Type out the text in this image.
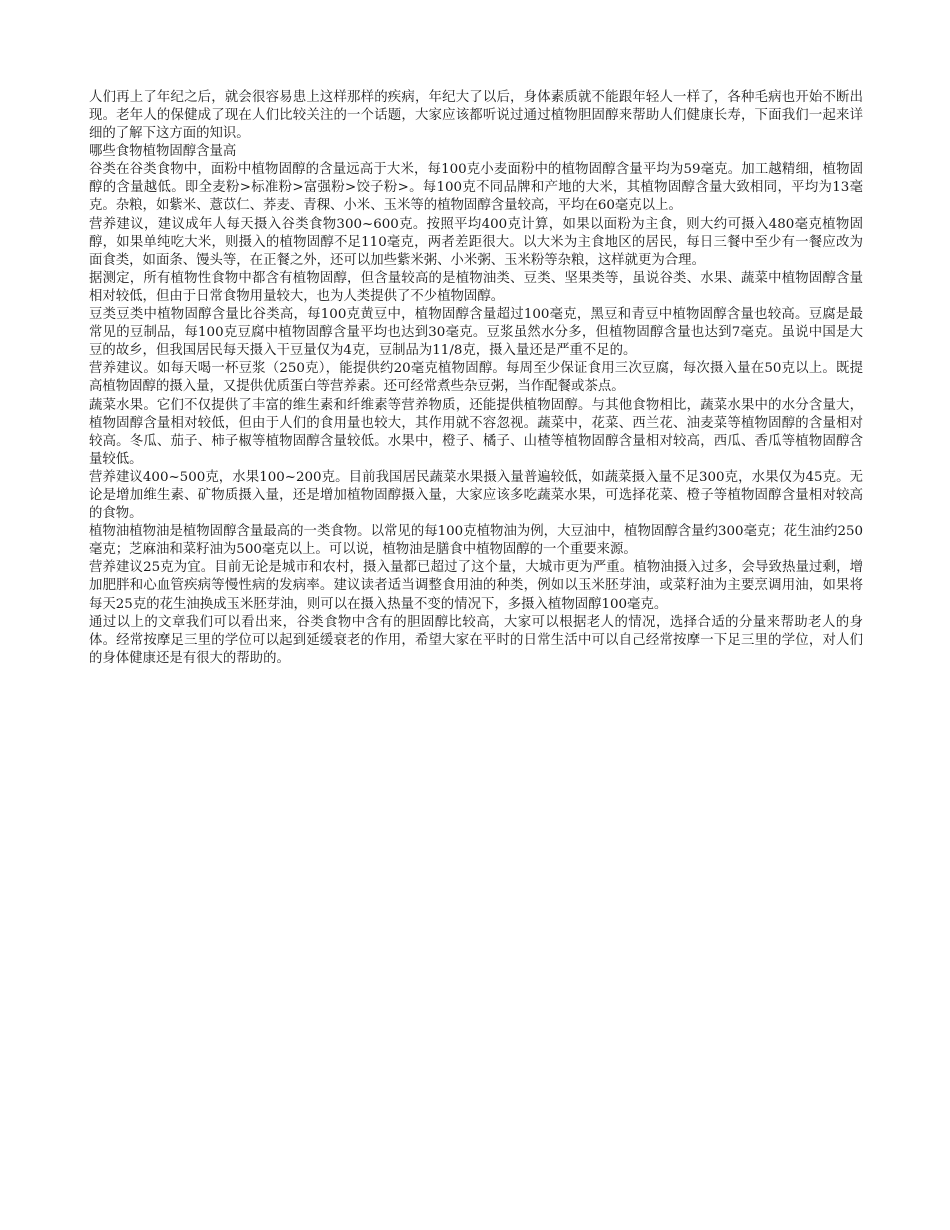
人们再上了年纪之后，就会很容易患上这样那样的疾病，年纪大了以后，身体素质就不能跟年轻人一样了，各种毛病也开始不断出现。老年人的保健成了现在人们比较关注的一个话题，大家应该都听说过通过植物胆固醇来帮助人们健康长寿，下面我们一起来详细的了解下这方面的知识。

哪些食物植物固醇含量高

谷类在谷类食物中，面粉中植物固醇的含量远高于大米，每100克小麦面粉中的植物固醇含量平均为59毫克。加工越精细，植物固醇的含量越低。即全麦粉>标准粉>富强粉>饺子粉>。每100克不同品牌和产地的大米，其植物固醇含量大致相同，平均为13毫克。杂粮，如紫米、薏苡仁、荞麦、青稞、小米、玉米等的植物固醇含量较高，平均在60毫克以上。

营养建议，建议成年人每天摄入谷类食物300~600克。按照平均400克计算，如果以面粉为主食，则大约可摄入480毫克植物固醇，如果单纯吃大米，则摄入的植物固醇不足110毫克，两者差距很大。以大米为主食地区的居民，每日三餐中至少有一餐应改为面食类，如面条、馒头等，在正餐之外，还可以加些紫米粥、小米粥、玉米粉等杂粮，这样就更为合理。

据测定，所有植物性食物中都含有植物固醇，但含量较高的是植物油类、豆类、坚果类等，虽说谷类、水果、蔬菜中植物固醇含量相对较低，但由于日常食物用量较大，也为人类提供了不少植物固醇。

豆类豆类中植物固醇含量比谷类高，每100克黄豆中，植物固醇含量超过100毫克，黑豆和青豆中植物固醇含量也较高。豆腐是最常见的豆制品，每100克豆腐中植物固醇含量平均也达到30毫克。豆浆虽然水分多，但植物固醇含量也达到7毫克。虽说中国是大豆的故乡，但我国居民每天摄入干豆量仅为4克，豆制品为11/8克，摄入量还是严重不足的。

营养建议。如每天喝一杯豆浆（250克），能提供约20毫克植物固醇。每周至少保证食用三次豆腐，每次摄入量在50克以上。既提高植物固醇的摄入量，又提供优质蛋白等营养素。还可经常煮些杂豆粥，当作配餐或茶点。

蔬菜水果。它们不仅提供了丰富的维生素和纤维素等营养物质，还能提供植物固醇。与其他食物相比，蔬菜水果中的水分含量大，植物固醇含量相对较低，但由于人们的食用量也较大，其作用就不容忽视。蔬菜中，花菜、西兰花、油麦菜等植物固醇的含量相对较高。冬瓜、茄子、柿子椒等植物固醇含量较低。水果中，橙子、橘子、山楂等植物固醇含量相对较高，西瓜、香瓜等植物固醇含量较低。

营养建议400~500克，水果100~200克。目前我国居民蔬菜水果摄入量普遍较低，如蔬菜摄入量不足300克，水果仅为45克。无论是增加维生素、矿物质摄入量，还是增加植物固醇摄入量，大家应该多吃蔬菜水果，可选择花菜、橙子等植物固醇含量相对较高的食物。

植物油植物油是植物固醇含量最高的一类食物。以常见的每100克植物油为例，大豆油中，植物固醇含量约300毫克；花生油约250毫克；芝麻油和菜籽油为500毫克以上。可以说，植物油是膳食中植物固醇的一个重要来源。

营养建议25克为宜。目前无论是城市和农村，摄入量都已超过了这个量，大城市更为严重。植物油摄入过多，会导致热量过剩，增加肥胖和心血管疾病等慢性病的发病率。建议读者适当调整食用油的种类，例如以玉米胚芽油，或菜籽油为主要烹调用油，如果将每天25克的花生油换成玉米胚芽油，则可以在摄入热量不变的情况下，多摄入植物固醇100毫克。

通过以上的文章我们可以看出来，谷类食物中含有的胆固醇比较高，大家可以根据老人的情况，选择合适的分量来帮助老人的身体。经常按摩足三里的学位可以起到延缓衰老的作用，希望大家在平时的日常生活中可以自己经常按摩一下足三里的学位，对人们的身体健康还是有很大的帮助的。
